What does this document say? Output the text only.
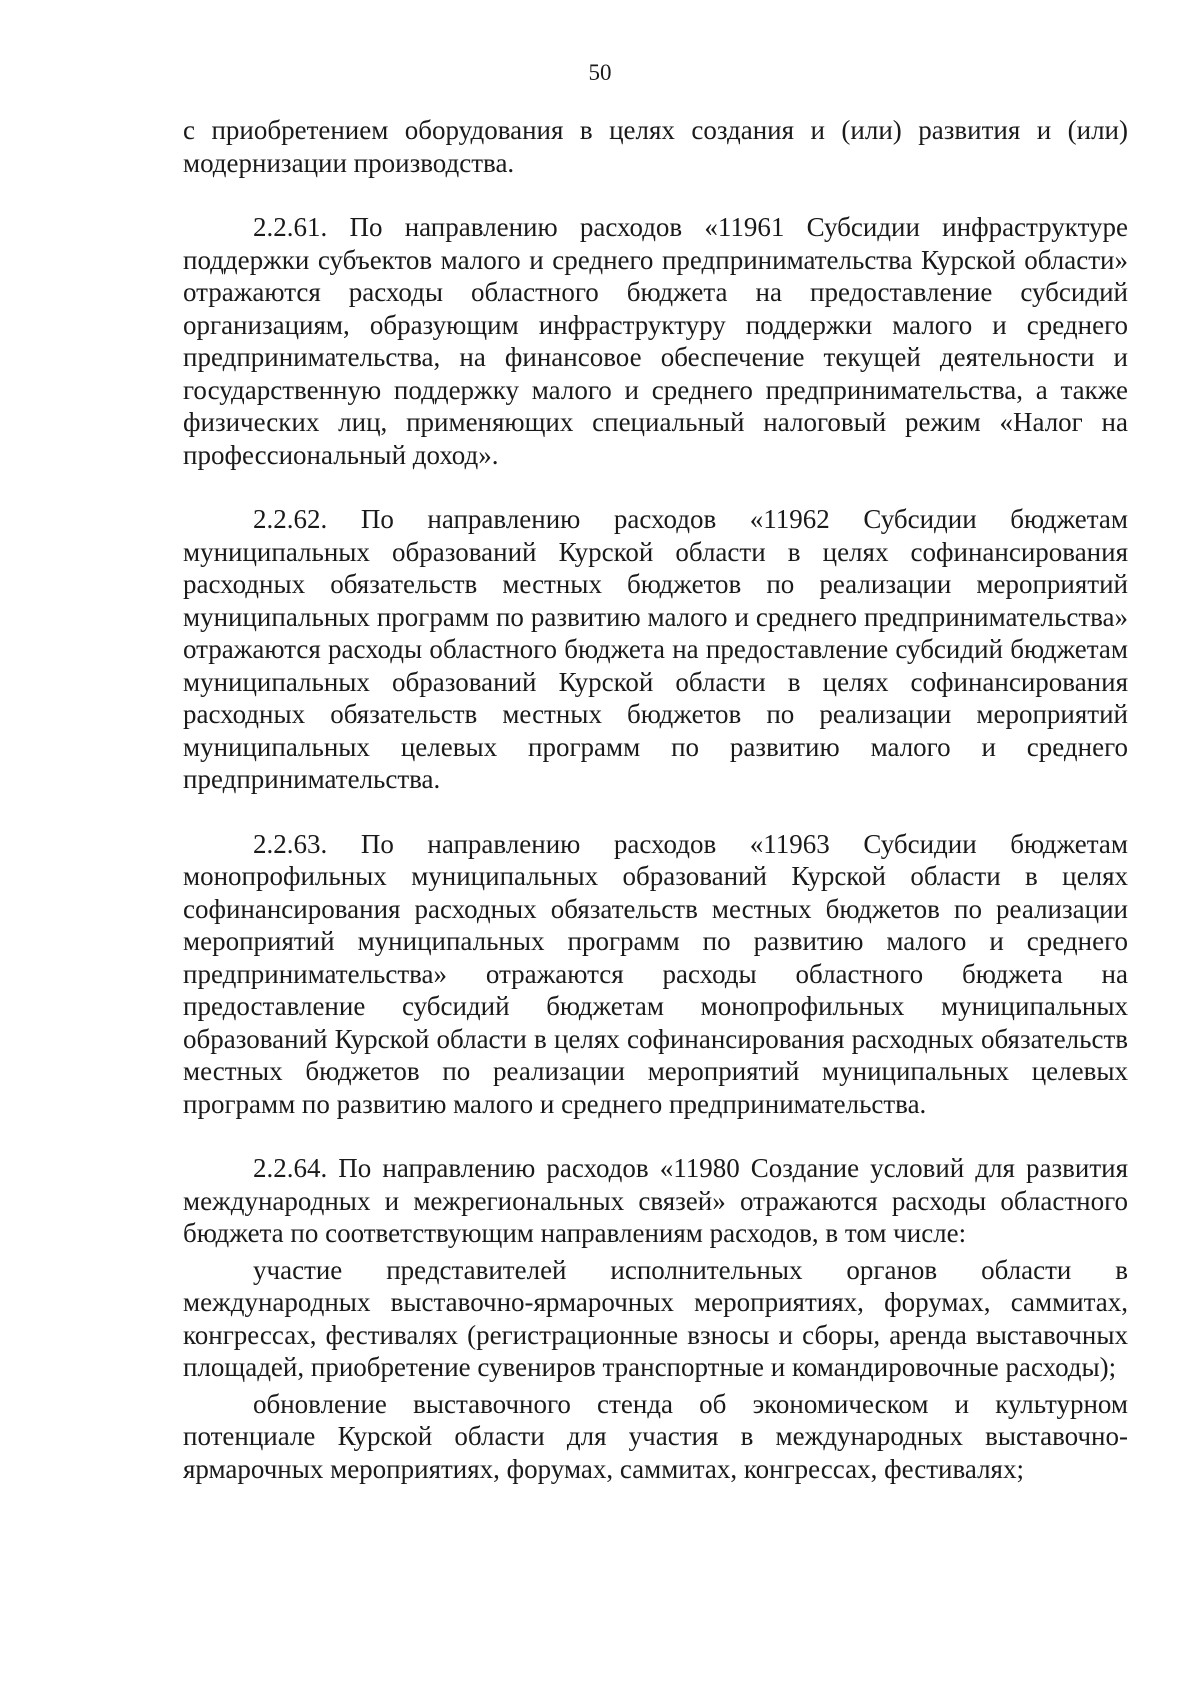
50

с приобретением оборудования в целях создания и (или) развития и (или) модернизации производства.

2.2.61. По направлению расходов «11961 Субсидии инфраструктуре поддержки субъектов малого и среднего предпринимательства Курской области» отражаются расходы областного бюджета на предоставление субсидий организациям, образующим инфраструктуру поддержки малого и среднего предпринимательства, на финансовое обеспечение текущей деятельности и государственную поддержку малого и среднего предпринимательства, а также физических лиц, применяющих специальный налоговый режим «Налог на профессиональный доход».

2.2.62. По направлению расходов «11962 Субсидии бюджетам муниципальных образований Курской области в целях софинансирования расходных обязательств местных бюджетов по реализации мероприятий муниципальных программ по развитию малого и среднего предпринимательства» отражаются расходы областного бюджета на предоставление субсидий бюджетам муниципальных образований Курской области в целях софинансирования расходных обязательств местных бюджетов по реализации мероприятий муниципальных целевых программ по развитию малого и среднего предпринимательства.

2.2.63. По направлению расходов «11963 Субсидии бюджетам монопрофильных муниципальных образований Курской области в целях софинансирования расходных обязательств местных бюджетов по реализации мероприятий муниципальных программ по развитию малого и среднего предпринимательства» отражаются расходы областного бюджета на предоставление субсидий бюджетам монопрофильных муниципальных образований Курской области в целях софинансирования расходных обязательств местных бюджетов по реализации мероприятий муниципальных целевых программ по развитию малого и среднего предпринимательства.

2.2.64. По направлению расходов «11980 Создание условий для развития международных и межрегиональных связей» отражаются расходы областного бюджета по соответствующим направлениям расходов, в том числе:

участие представителей исполнительных органов области в международных выставочно-ярмарочных мероприятиях, форумах, саммитах, конгрессах, фестивалях (регистрационные взносы и сборы, аренда выставочных площадей, приобретение сувениров транспортные и командировочные расходы);

обновление выставочного стенда об экономическом и культурном потенциале Курской области для участия в международных выставочно-ярмарочных мероприятиях, форумах, саммитах, конгрессах, фестивалях;
